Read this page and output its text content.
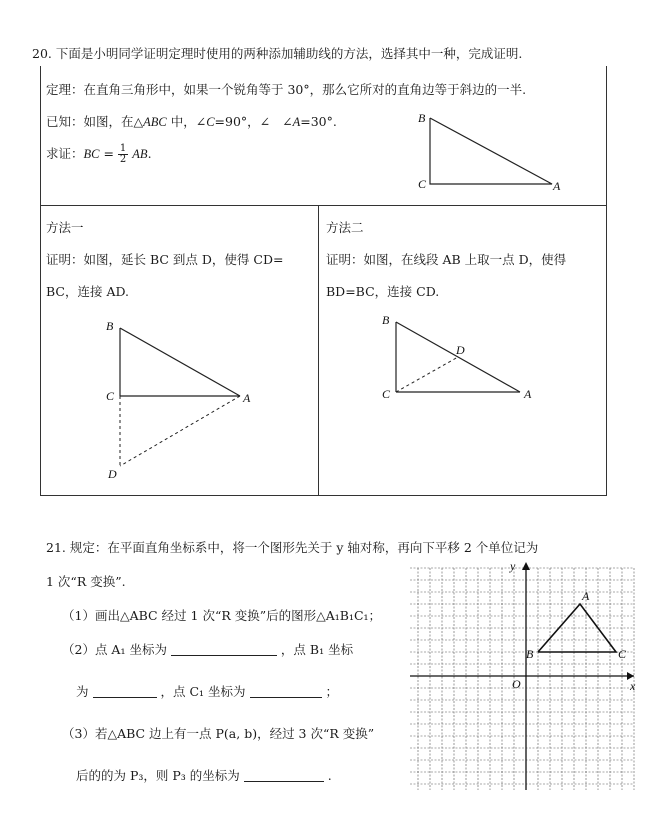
20. 下面是小明同学证明定理时使用的两种添加辅助线的方法，选择其中一种，完成证明.
定理：在直角三角形中，如果一个锐角等于 30°，那么它所对的直角边等于斜边的一半.
已知：如图，在△ABC 中，∠C=90°，∠ ∠A=30°.
求证：BC = $\frac{1}{2}$ AB.
B
C	A
方法一
证明：如图，延长 BC 到点 D，使得 CD=
BC，连接 AD.
B
C	A
D
方法二
证明：如图，在线段 AB 上取一点 D，使得
BD=BC，连接 CD.
B
C	A
D
21. 规定：在平面直角坐标系中，将一个图形先关于 y 轴对称，再向下平移 2 个单位记为
1 次“R 变换”.
（1）画出△ABC 经过 1 次“R 变换”后的图形△A₁B₁C₁；
（2）点 A₁ 坐标为	，点 B₁ 坐标
为	，点 C₁ 坐标为	；
（3）若△ABC 边上有一点 P(a, b)，经过 3 次“R 变换”
后的的为 P₃，则 P₃ 的坐标为	.
y
x
O
A
B	C
